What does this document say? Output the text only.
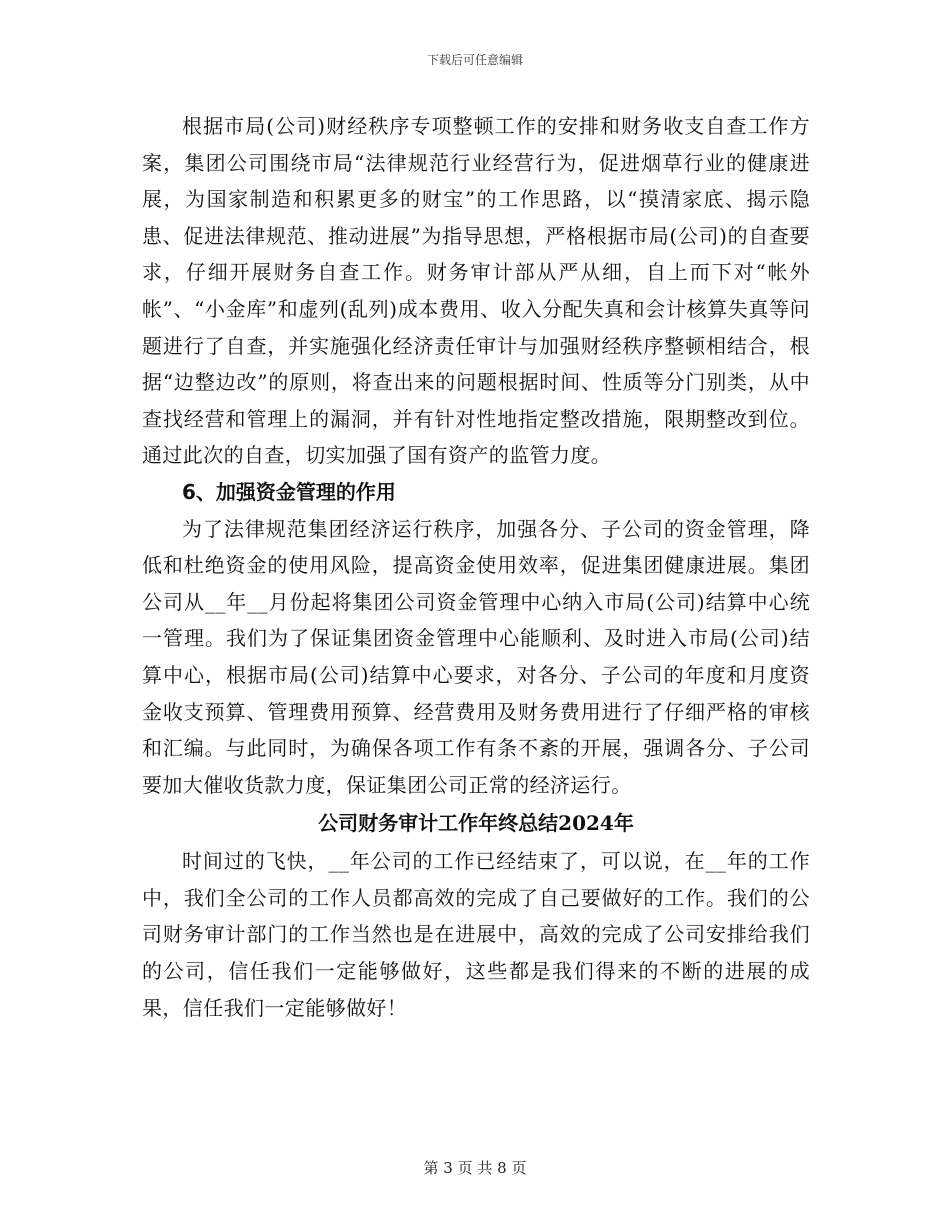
下载后可任意编辑

根据市局(公司)财经秩序专项整顿工作的安排和财务收支自查工作方案，集团公司围绕市局“法律规范行业经营行为，促进烟草行业的健康进展，为国家制造和积累更多的财宝”的工作思路，以“摸清家底、揭示隐患、促进法律规范、推动进展”为指导思想，严格根据市局(公司)的自查要求，仔细开展财务自查工作。财务审计部从严从细，自上而下对“帐外帐”、“小金库”和虚列(乱列)成本费用、收入分配失真和会计核算失真等问题进行了自查，并实施强化经济责任审计与加强财经秩序整顿相结合，根据“边整边改”的原则，将查出来的问题根据时间、性质等分门别类，从中查找经营和管理上的漏洞，并有针对性地指定整改措施，限期整改到位。通过此次的自查，切实加强了国有资产的监管力度。

6、加强资金管理的作用

为了法律规范集团经济运行秩序，加强各分、子公司的资金管理，降低和杜绝资金的使用风险，提高资金使用效率，促进集团健康进展。集团公司从__年__月份起将集团公司资金管理中心纳入市局(公司)结算中心统一管理。我们为了保证集团资金管理中心能顺利、及时进入市局(公司)结算中心，根据市局(公司)结算中心要求，对各分、子公司的年度和月度资金收支预算、管理费用预算、经营费用及财务费用进行了仔细严格的审核和汇编。与此同时，为确保各项工作有条不紊的开展，强调各分、子公司要加大催收货款力度，保证集团公司正常的经济运行。

公司财务审计工作年终总结2024年

时间过的飞快，__年公司的工作已经结束了，可以说，在__年的工作中，我们全公司的工作人员都高效的完成了自己要做好的工作。我们的公司财务审计部门的工作当然也是在进展中，高效的完成了公司安排给我们的公司，信任我们一定能够做好，这些都是我们得来的不断的进展的成果，信任我们一定能够做好！

第 3 页 共 8 页
